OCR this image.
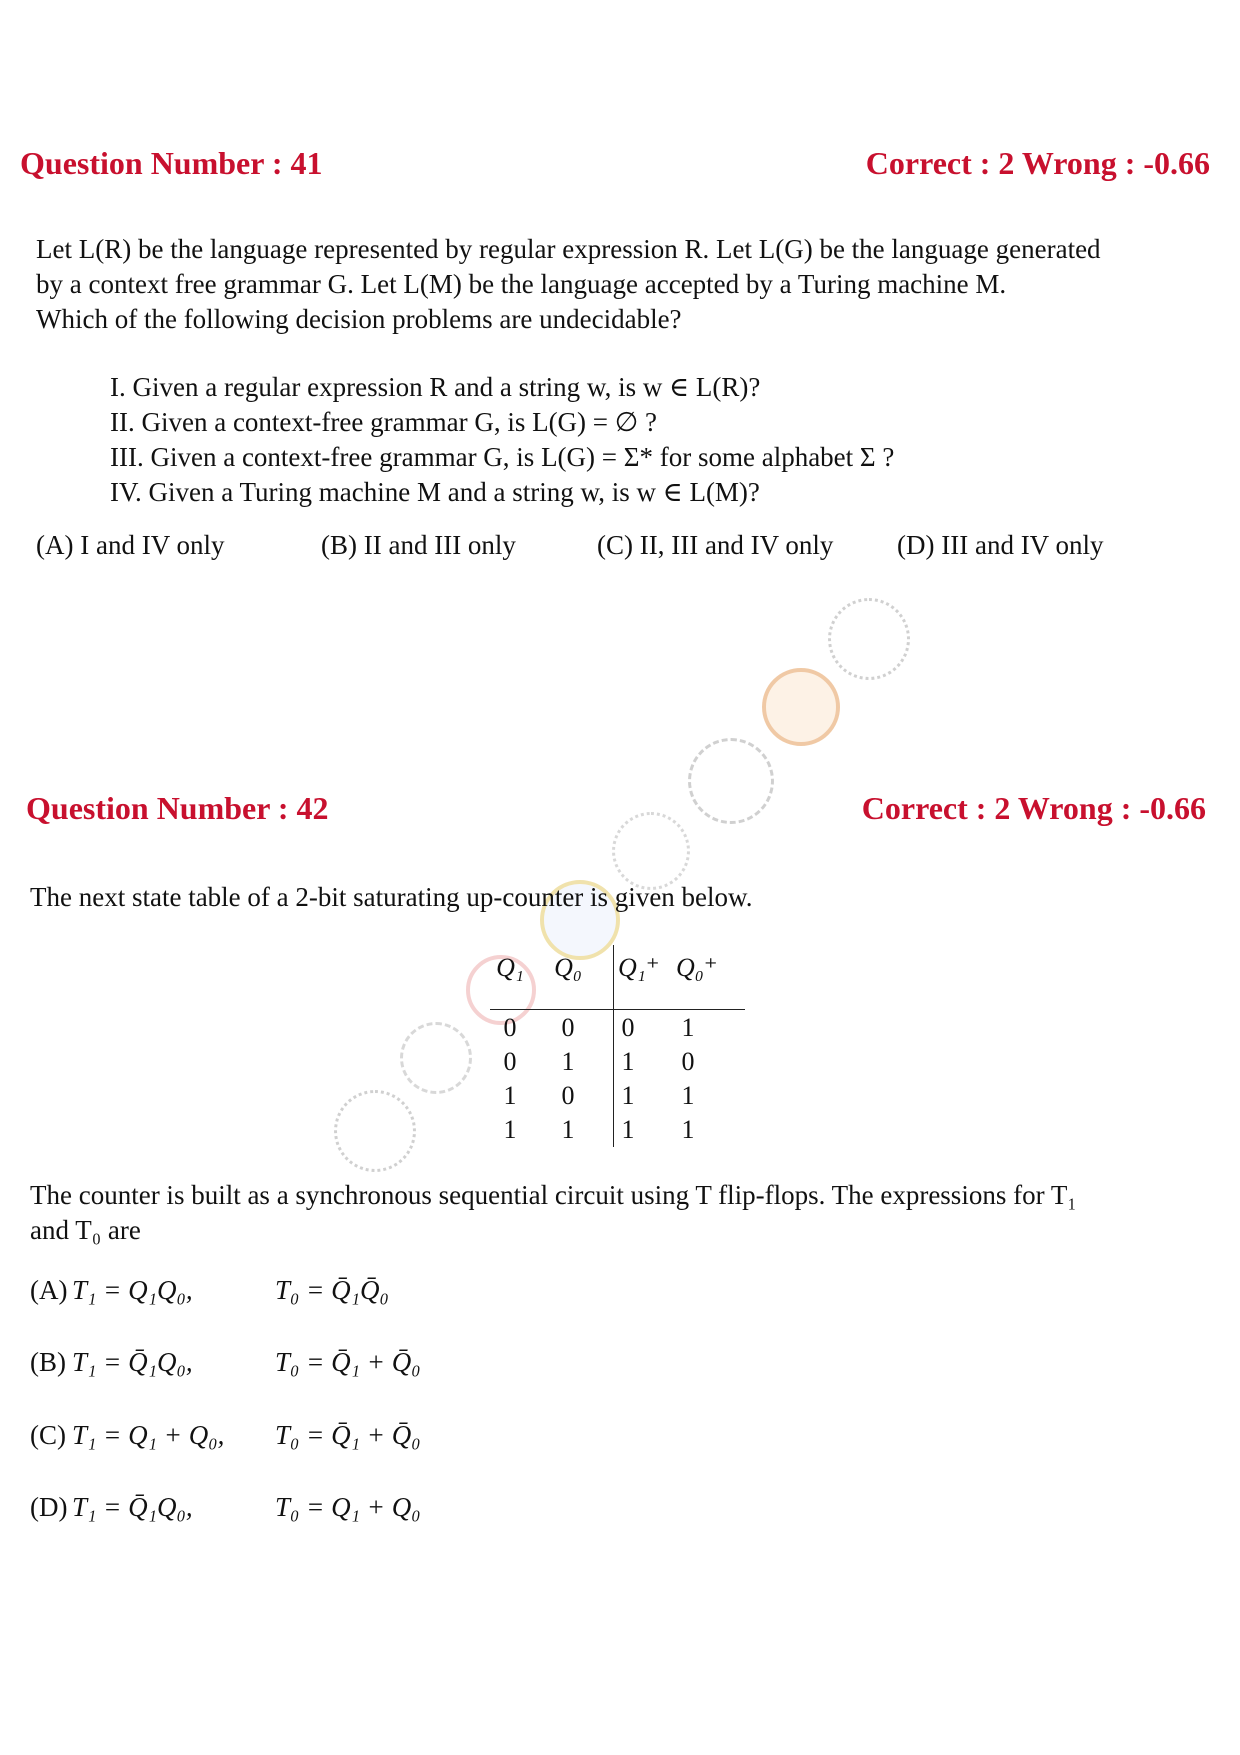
Question Number : 41	Correct : 2 Wrong : -0.66
Let L(R) be the language represented by regular expression R. Let L(G) be the language generated
by a context free grammar G. Let L(M) be the language accepted by a Turing machine M.
Which of the following decision problems are undecidable?
I. Given a regular expression R and a string w, is w ∈ L(R)?
II. Given a context-free grammar G, is L(G) = ∅ ?
III. Given a context-free grammar G, is L(G) = Σ* for some alphabet Σ ?
IV. Given a Turing machine M and a string w, is w ∈ L(M)?
(A) I and IV only	(B) II and III only	(C) II, III and IV only	(D) III and IV only
Question Number : 42	Correct : 2 Wrong : -0.66
The next state table of a 2-bit saturating up-counter is given below.
Q₁ Q₀ Q₁⁺ Q₀⁺
0	0	0	1
0	1	1	0
1	0	1	1
1	1	1	1
The counter is built as a synchronous sequential circuit using T flip-flops. The expressions for T₁
and T₀ are
(A) T₁ = Q₁Q₀,	T₀ = Q̄₁Q̄₀
(B) T₁ = Q̄₁Q₀,	T₀ = Q̄₁ + Q̄₀
(C) T₁ = Q₁ + Q₀, T₀ = Q̄₁ + Q̄₀
(D) T₁ = Q̄₁Q₀,	T₀ = Q₁ + Q₀
